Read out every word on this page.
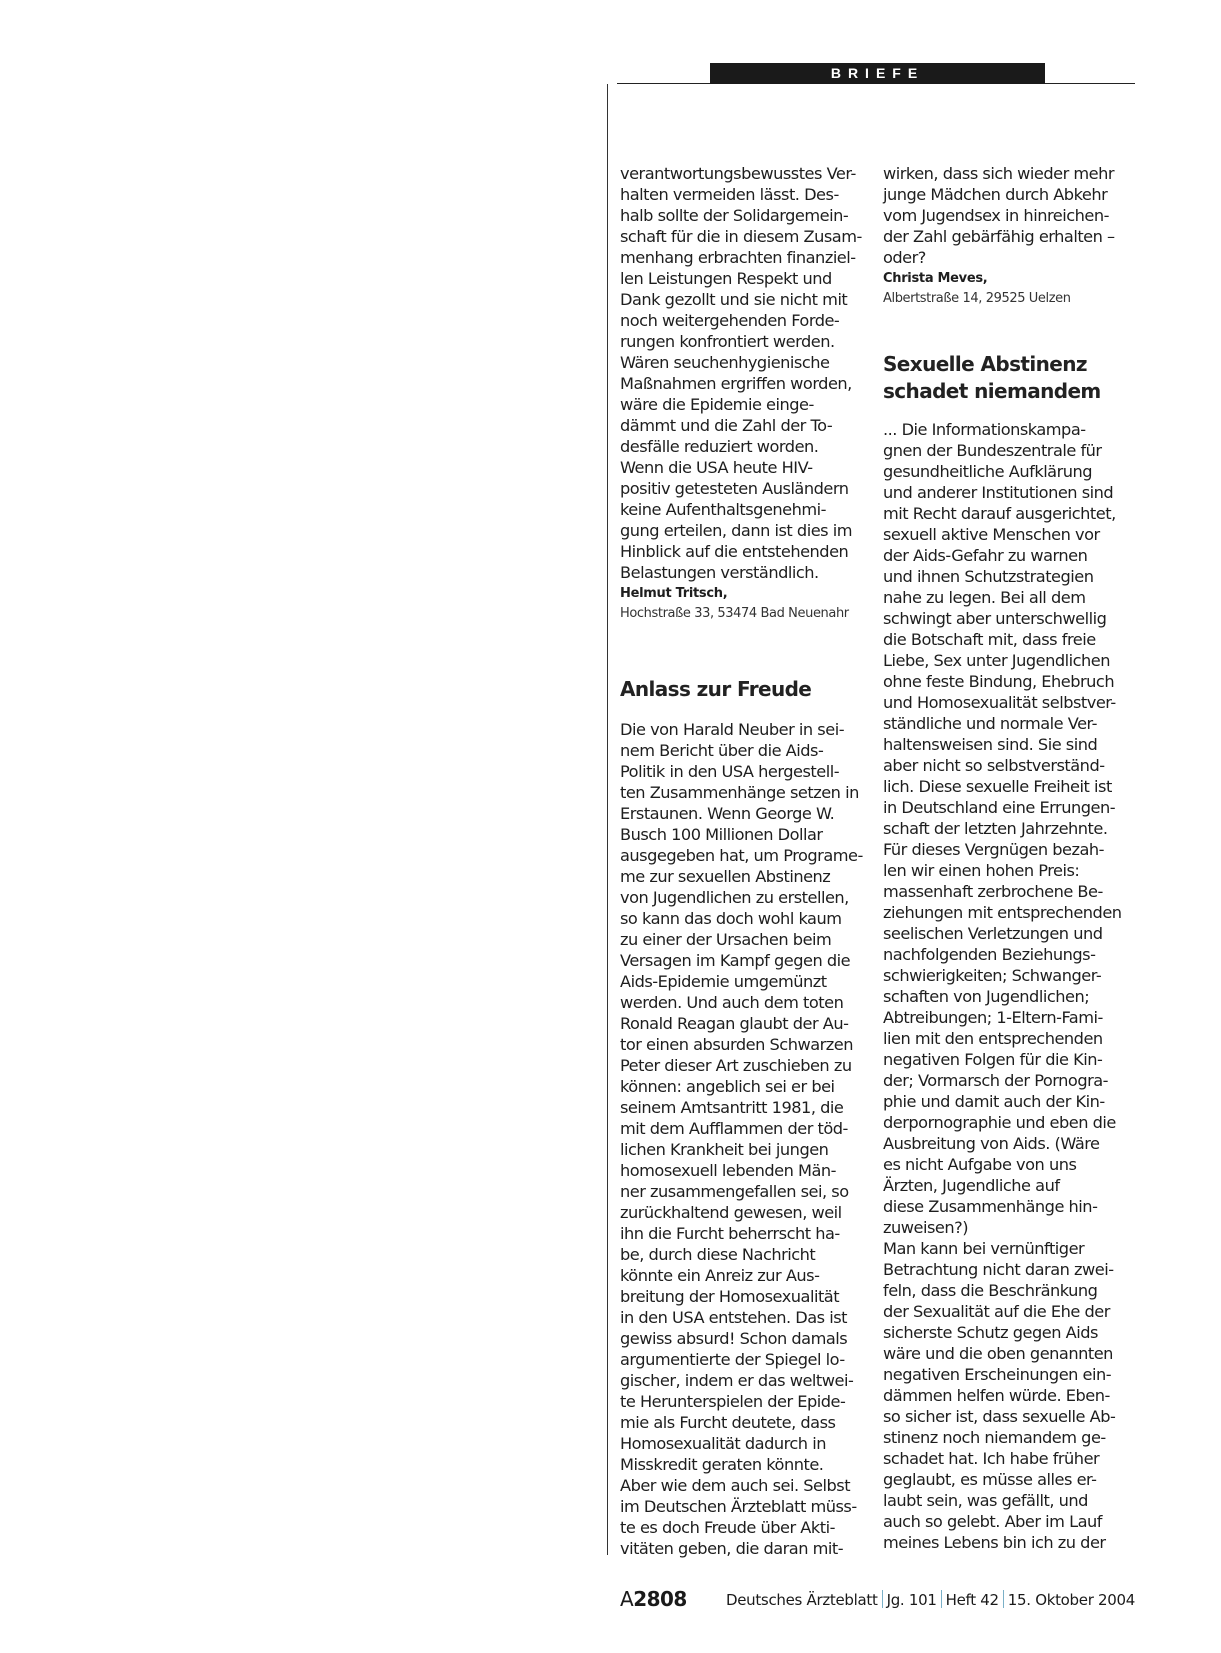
BRIEFE

verantwortungsbewusstes Ver-
halten vermeiden lässt. Des-
halb sollte der Solidargemein-
schaft für die in diesem Zusam-
menhang erbrachten finanziel-
len Leistungen Respekt und
Dank gezollt und sie nicht mit
noch weitergehenden Forde-
rungen konfrontiert werden.
Wären seuchenhygienische
Maßnahmen ergriffen worden,
wäre die Epidemie einge-
dämmt und die Zahl der To-
desfälle reduziert worden.
Wenn die USA heute HIV-
positiv getesteten Ausländern
keine Aufenthaltsgenehmi-
gung erteilen, dann ist dies im
Hinblick auf die entstehenden
Belastungen verständlich.

Helmut Tritsch,

Hochstraße 33, 53474 Bad Neuenahr

Anlass zur Freude

Die von Harald Neuber in sei-
nem Bericht über die Aids-
Politik in den USA hergestell-
ten Zusammenhänge setzen in
Erstaunen. Wenn George W.
Busch 100 Millionen Dollar
ausgegeben hat, um Programe-
me zur sexuellen Abstinenz
von Jugendlichen zu erstellen,
so kann das doch wohl kaum
zu einer der Ursachen beim
Versagen im Kampf gegen die
Aids-Epidemie umgemünzt
werden. Und auch dem toten
Ronald Reagan glaubt der Au-
tor einen absurden Schwarzen
Peter dieser Art zuschieben zu
können: angeblich sei er bei
seinem Amtsantritt 1981, die
mit dem Aufflammen der töd-
lichen Krankheit bei jungen
homosexuell lebenden Män-
ner zusammengefallen sei, so
zurückhaltend gewesen, weil
ihn die Furcht beherrscht ha-
be, durch diese Nachricht
könnte ein Anreiz zur Aus-
breitung der Homosexualität
in den USA entstehen. Das ist
gewiss absurd! Schon damals
argumentierte der Spiegel lo-
gischer, indem er das weltwei-
te Herunterspielen der Epide-
mie als Furcht deutete, dass
Homosexualität dadurch in
Misskredit geraten könnte.
Aber wie dem auch sei. Selbst
im Deutschen Ärzteblatt müss-
te es doch Freude über Akti-
vitäten geben, die daran mit-

wirken, dass sich wieder mehr
junge Mädchen durch Abkehr
vom Jugendsex in hinreichen-
der Zahl gebärfähig erhalten –
oder?

Christa Meves,

Albertstraße 14, 29525 Uelzen

Sexuelle Abstinenz
schadet niemandem

... Die Informationskampa-
gnen der Bundeszentrale für
gesundheitliche Aufklärung
und anderer Institutionen sind
mit Recht darauf ausgerichtet,
sexuell aktive Menschen vor
der Aids-Gefahr zu warnen
und ihnen Schutzstrategien
nahe zu legen. Bei all dem
schwingt aber unterschwellig
die Botschaft mit, dass freie
Liebe, Sex unter Jugendlichen
ohne feste Bindung, Ehebruch
und Homosexualität selbstver-
ständliche und normale Ver-
haltensweisen sind. Sie sind
aber nicht so selbstverständ-
lich. Diese sexuelle Freiheit ist
in Deutschland eine Errungen-
schaft der letzten Jahrzehnte.
Für dieses Vergnügen bezah-
len wir einen hohen Preis:
massenhaft zerbrochene Be-
ziehungen mit entsprechenden
seelischen Verletzungen und
nachfolgenden Beziehungs-
schwierigkeiten; Schwanger-
schaften von Jugendlichen;
Abtreibungen; 1-Eltern-Fami-
lien mit den entsprechenden
negativen Folgen für die Kin-
der; Vormarsch der Pornogra-
phie und damit auch der Kin-
derpornographie und eben die
Ausbreitung von Aids. (Wäre
es nicht Aufgabe von uns
Ärzten, Jugendliche auf
diese Zusammenhänge hin-
zuweisen?)
Man kann bei vernünftiger
Betrachtung nicht daran zwei-
feln, dass die Beschränkung
der Sexualität auf die Ehe der
sicherste Schutz gegen Aids
wäre und die oben genannten
negativen Erscheinungen ein-
dämmen helfen würde. Eben-
so sicher ist, dass sexuelle Ab-
stinenz noch niemandem ge-
schadet hat. Ich habe früher
geglaubt, es müsse alles er-
laubt sein, was gefällt, und
auch so gelebt. Aber im Lauf
meines Lebens bin ich zu der

A2808	Deutsches Ärzteblatt Jg. 101 Heft 42 15. Oktober 2004
